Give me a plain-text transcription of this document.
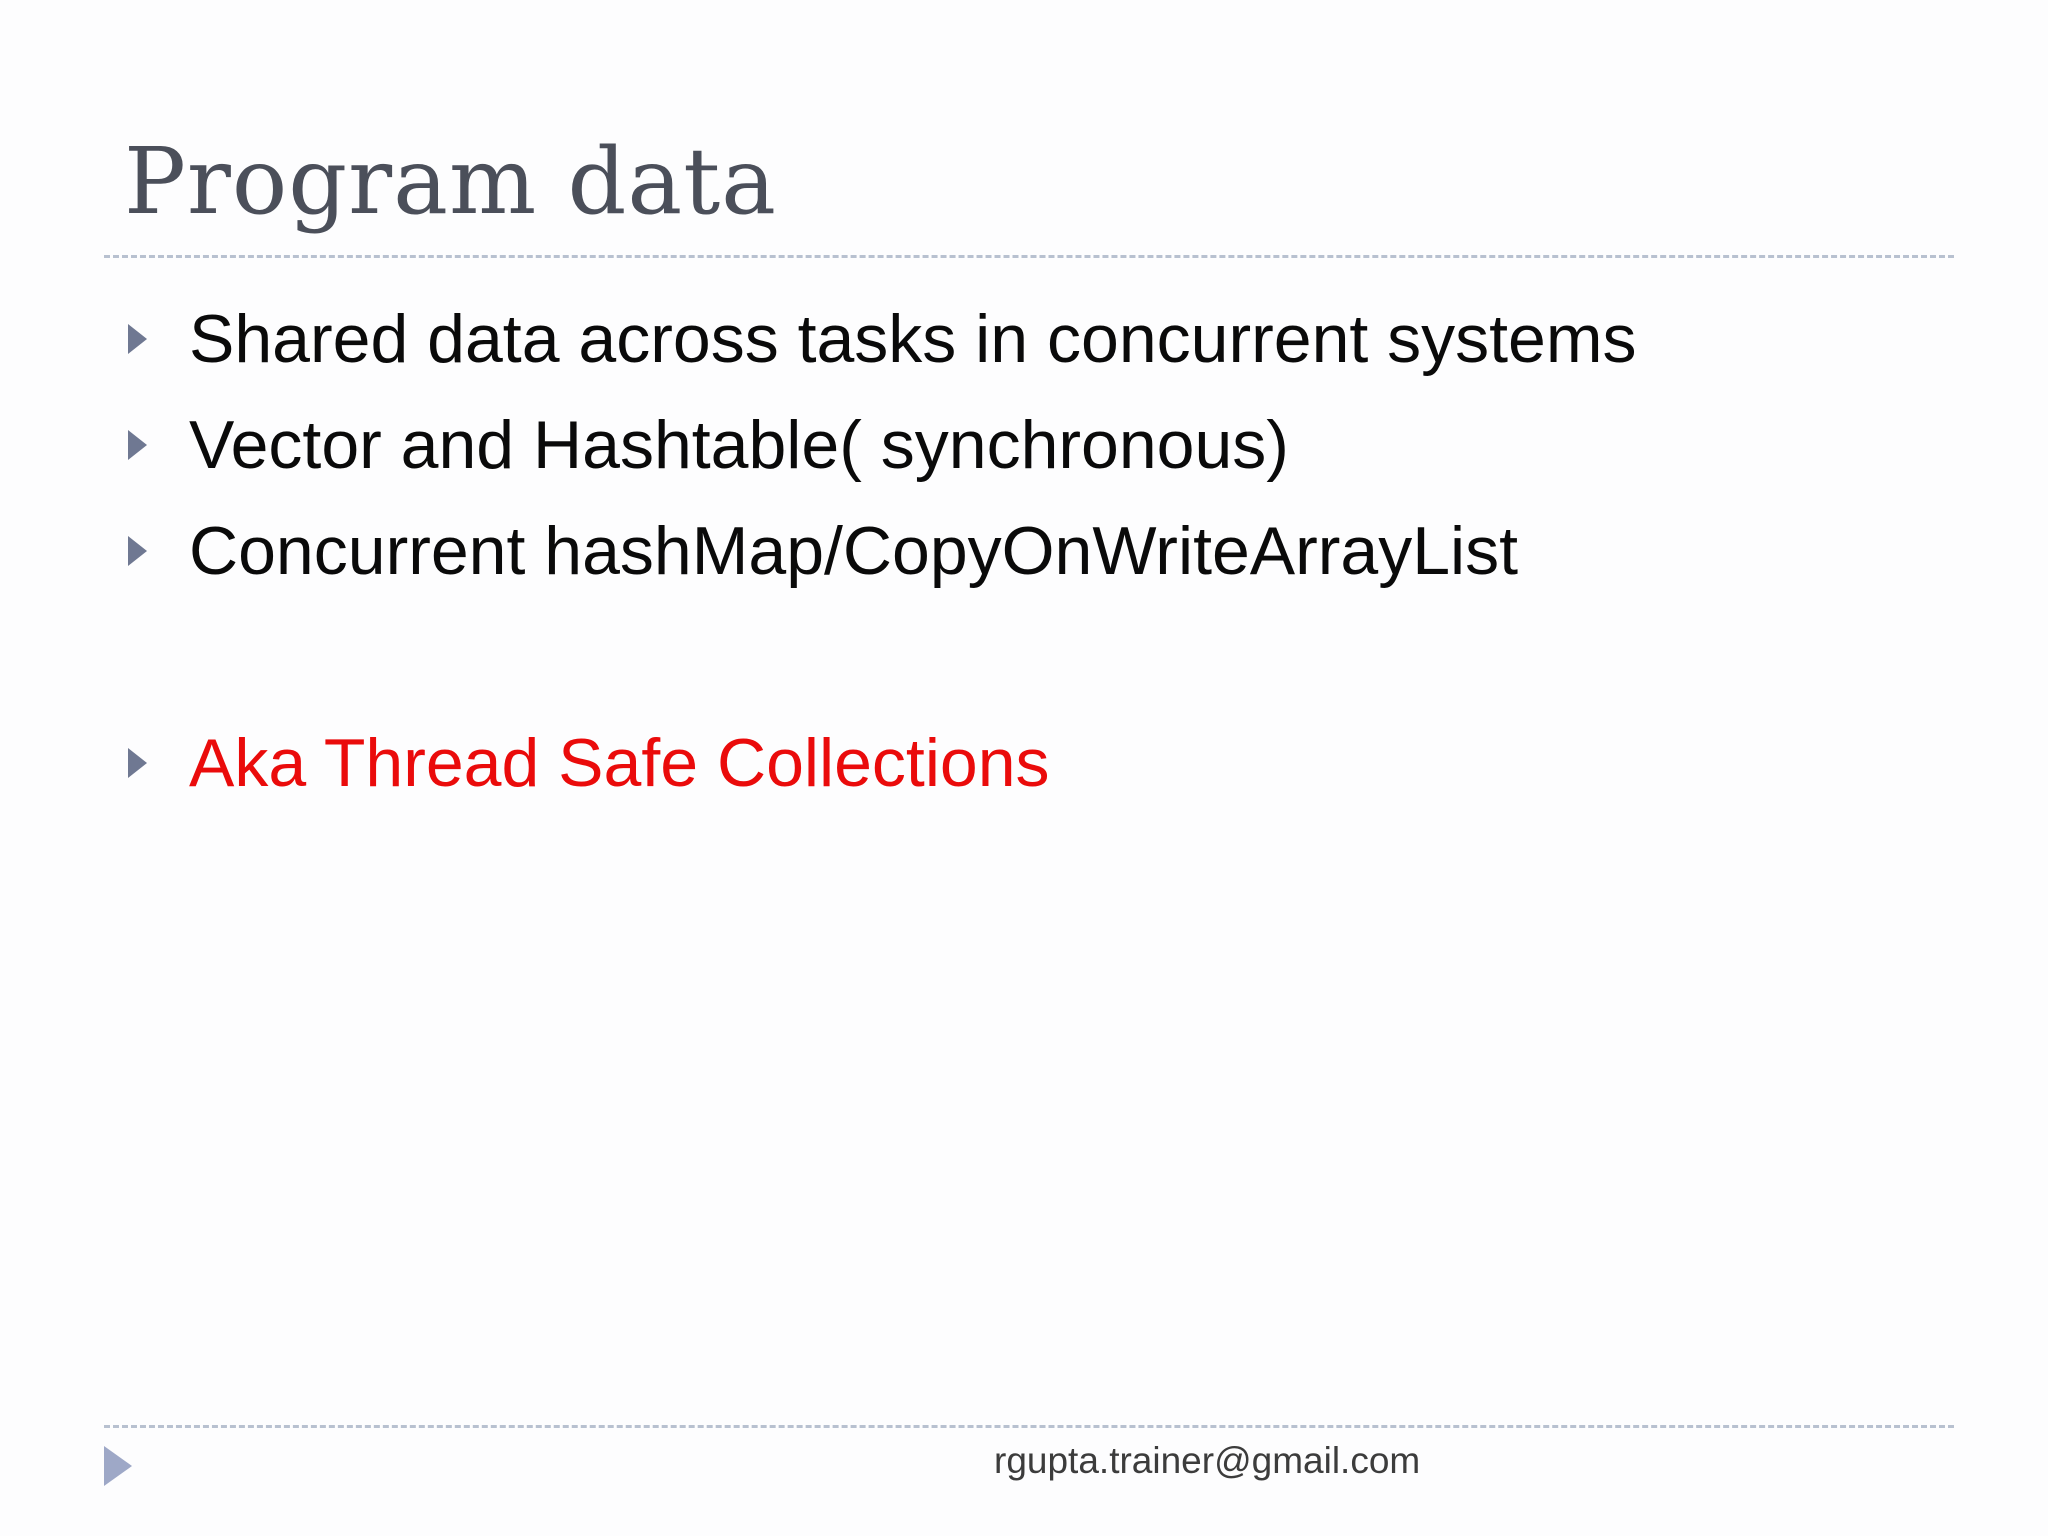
Program data
Shared data across tasks in concurrent systems
Vector and Hashtable( synchronous)
Concurrent hashMap/CopyOnWriteArrayList
Aka Thread Safe Collections
rgupta.trainer@gmail.com
